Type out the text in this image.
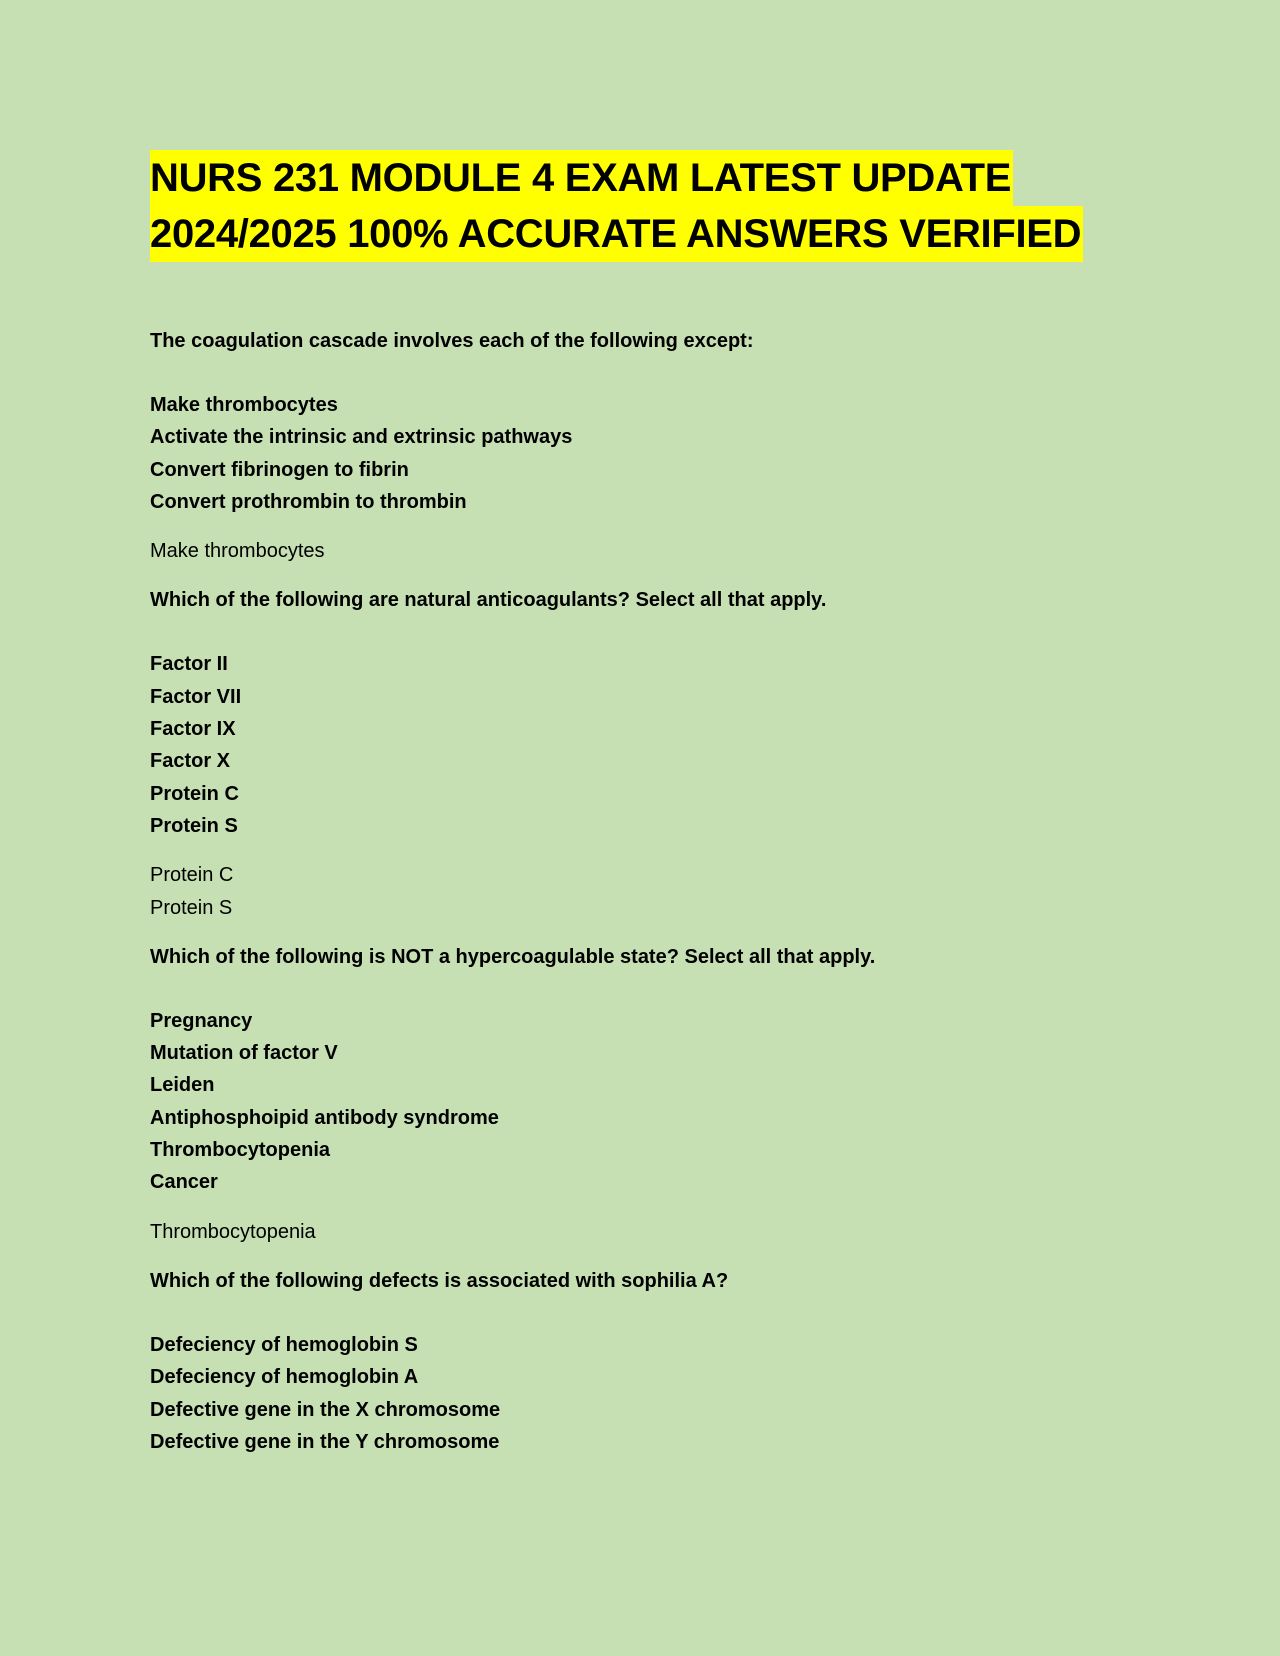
NURS 231 MODULE 4 EXAM LATEST UPDATE
2024/2025 100% ACCURATE ANSWERS VERIFIED

The coagulation cascade involves each of the following except:

Make thrombocytes
Activate the intrinsic and extrinsic pathways
Convert fibrinogen to fibrin
Convert prothrombin to thrombin
Make thrombocytes

Which of the following are natural anticoagulants? Select all that apply.

Factor II
Factor VII
Factor IX
Factor X
Protein C
Protein S
Protein C
Protein S

Which of the following is NOT a hypercoagulable state? Select all that apply.

Pregnancy
Mutation of factor V
Leiden
Antiphosphoipid antibody syndrome
Thrombocytopenia
Cancer
Thrombocytopenia

Which of the following defects is associated with sophilia A?

Defeciency of hemoglobin S
Defeciency of hemoglobin A
Defective gene in the X chromosome
Defective gene in the Y chromosome
